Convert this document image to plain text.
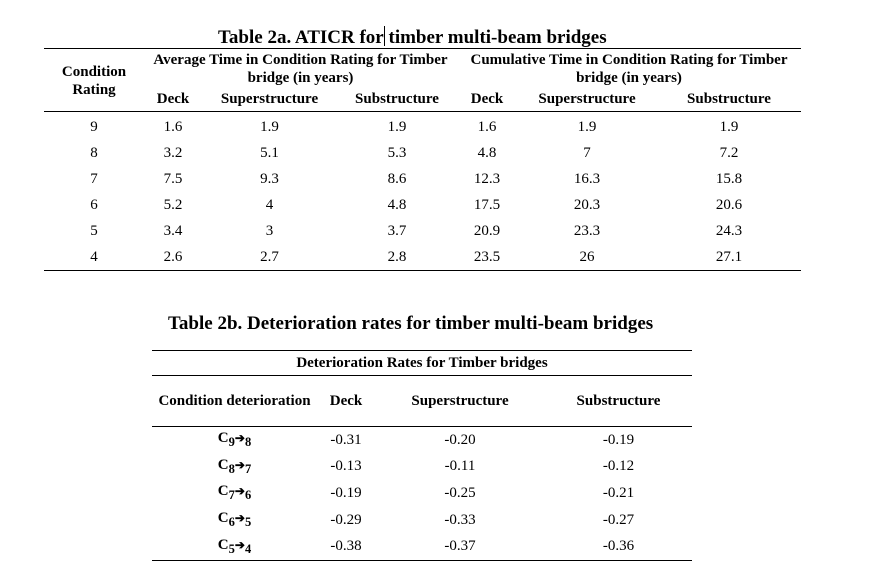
Table 2a. ATICR for timber multi-beam bridges
Condition Rating	Average Time in Condition Rating for Timber bridge (in years)			Cumulative Time in Condition Rating for Timber bridge (in years)		
	Deck	Superstructure	Substructure	Deck	Superstructure	Substructure
9	1.6	1.9	1.9	1.6	1.9	1.9
8	3.2	5.1	5.3	4.8	7	7.2
7	7.5	9.3	8.6	12.3	16.3	15.8
6	5.2	4	4.8	17.5	20.3	20.6
5	3.4	3	3.7	20.9	23.3	24.3
4	2.6	2.7	2.8	23.5	26	27.1
Table 2b. Deterioration rates for timber multi-beam bridges
Deterioration Rates for Timber bridges			
Condition deterioration	Deck	Superstructure	Substructure
$C_9➔_8$	-0.31	-0.20	-0.19
$C_8➔_7$	-0.13	-0.11	-0.12
$C_7➔_6$	-0.19	-0.25	-0.21
$C_6➔_5$	-0.29	-0.33	-0.27
$C_5➔_4$	-0.38	-0.37	-0.36
